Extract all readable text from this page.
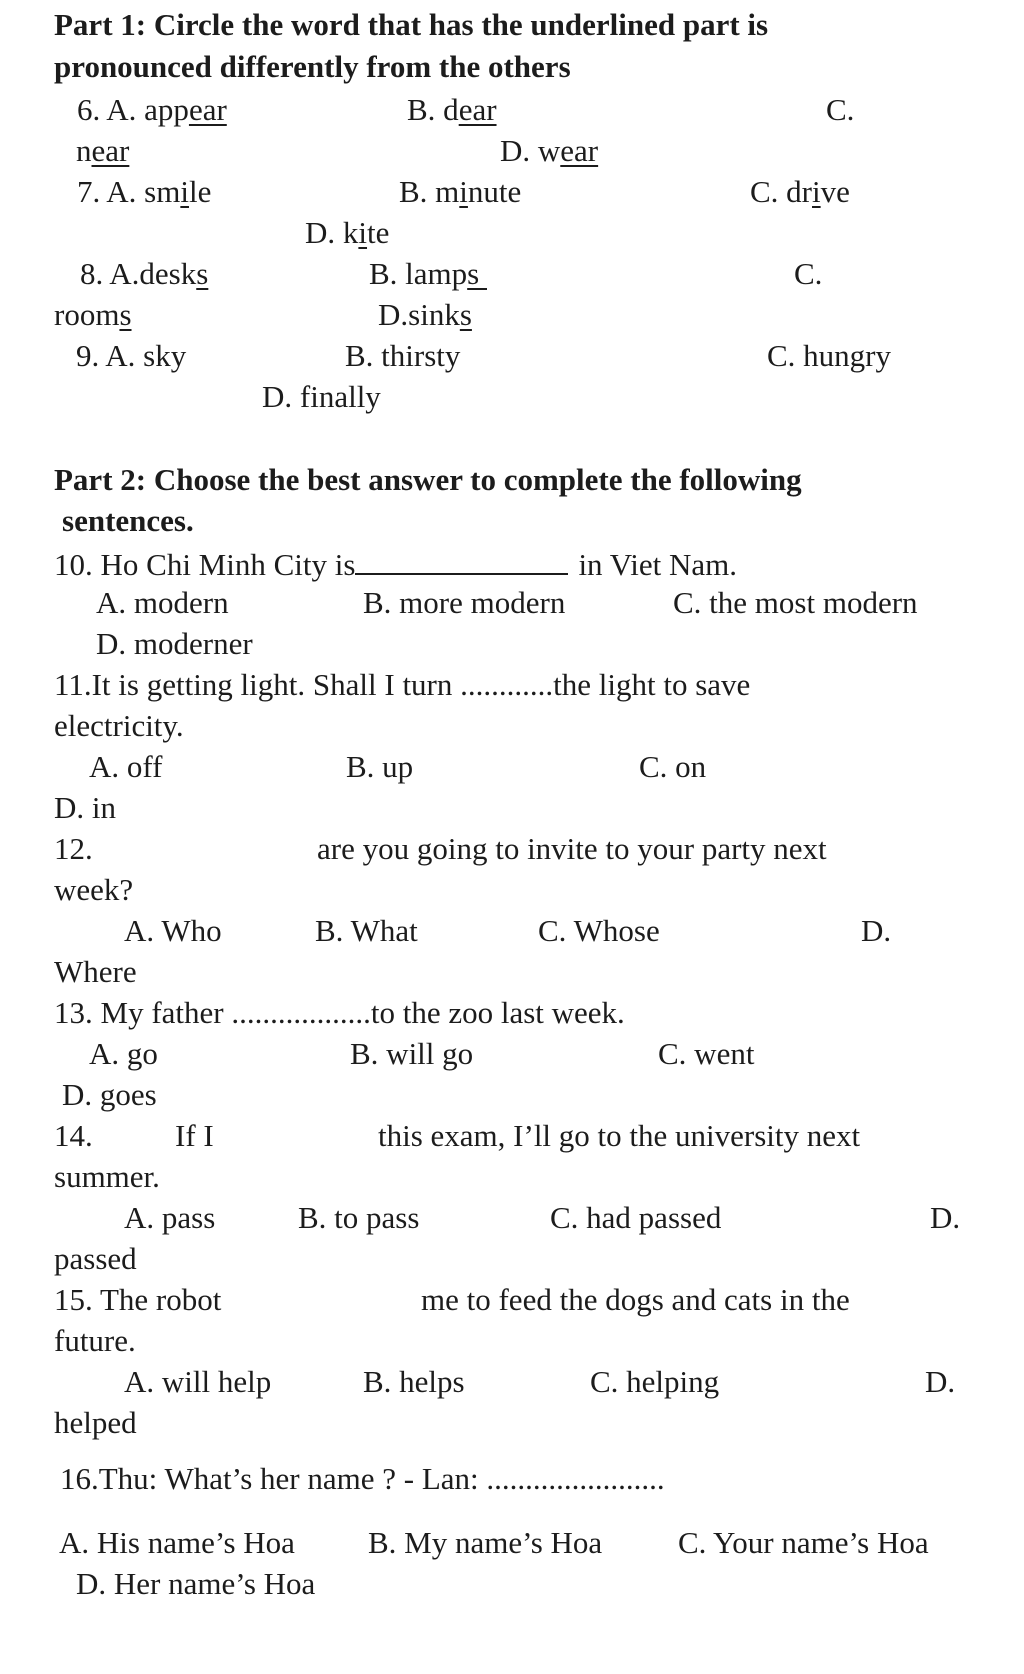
Part 1: Circle the word that has the underlined part is
pronounced differently from the others
6. A. appear	B. dear	C.
near	D. wear
7. A. smile	B. minute	C. drive
D. kite
8. A.desks	B. lamps	C.
rooms	D.sinks
9. A. sky	B. thirsty	C. hungry
D. finally
Part 2: Choose the best answer to complete the following
sentences.
10. Ho Chi Minh City is	in Viet Nam.
A. modern	B. more modern	C. the most modern
D. moderner
11.It is getting light. Shall I turn ............the light to save
electricity.
A. off	B. up	C. on
D. in
12.	are you going to invite to your party next
week?
A. Who	B. What	C. Whose	D.
Where
13. My father ..................to the zoo last week.
A. go	B. will go	C. went
D. goes
14.	If I	this exam, I’ll go to the university next
summer.
A. pass	B. to pass	C. had passed	D.
passed
15. The robot	me to feed the dogs and cats in the
future.
A. will help	B. helps	C. helping	D.
helped
16.Thu: What’s her name ? - Lan: .......................
A. His name’s Hoa B. My name’s Hoa C. Your name’s Hoa
D. Her name’s Hoa
